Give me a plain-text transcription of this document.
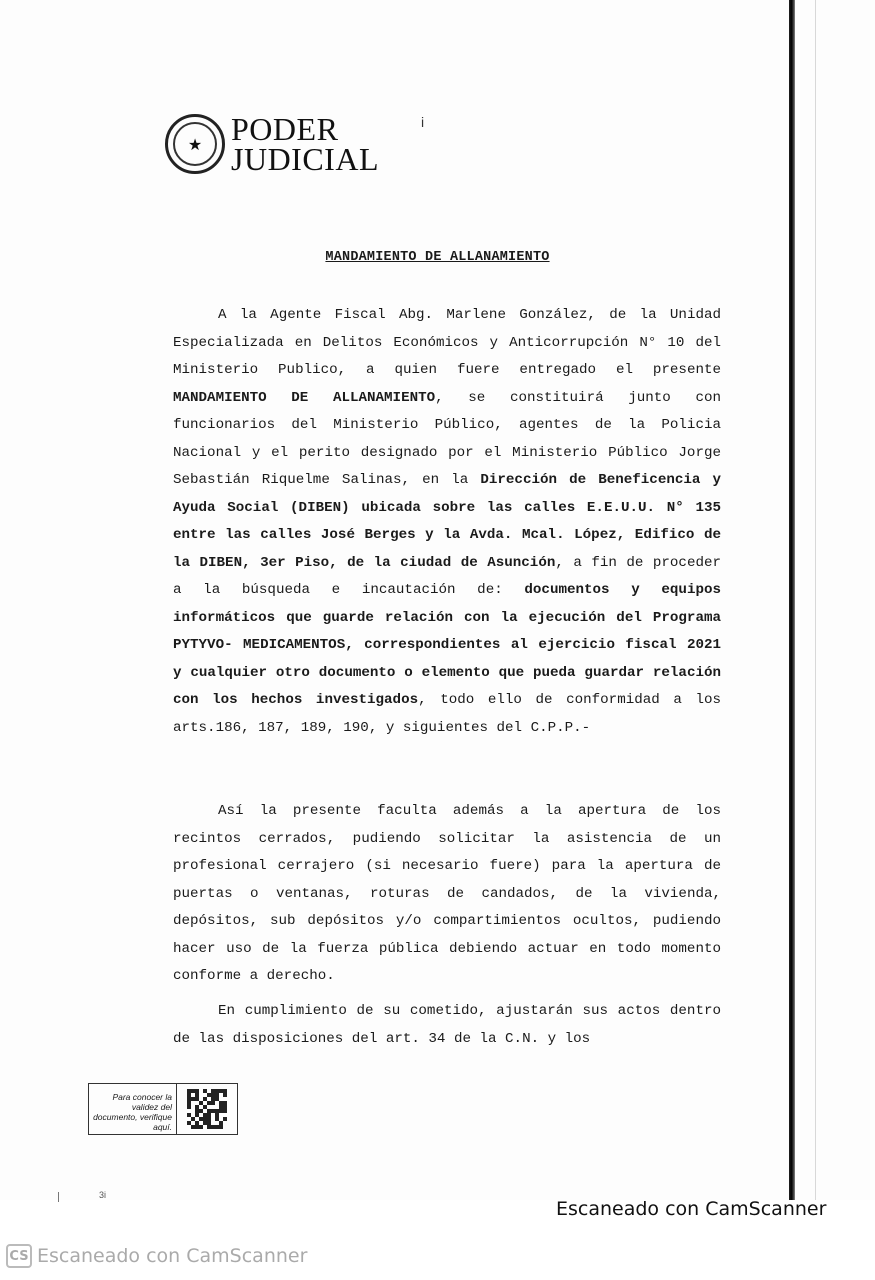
★ PODER
JUDICIAL
i
MANDAMIENTO DE ALLANAMIENTO

A la Agente Fiscal Abg. Marlene González, de la Unidad Especializada en Delitos Económicos y Anticorrupción N° 10 del Ministerio Publico, a quien fuere entregado el presente MANDAMIENTO DE ALLANAMIENTO, se constituirá junto con funcionarios del Ministerio Público, agentes de la Policia Nacional y el perito designado por el Ministerio Público Jorge Sebastián Riquelme Salinas, en la Dirección de Beneficencia y Ayuda Social (DIBEN) ubicada sobre las calles E.E.U.U. N° 135 entre las calles José Berges y la Avda. Mcal. López, Edifico de la DIBEN, 3er Piso, de la ciudad de Asunción, a fin de proceder a la búsqueda e incautación de: documentos y equipos informáticos que guarde relación con la ejecución del Programa PYTYVO- MEDICAMENTOS, correspondientes al ejercicio fiscal 2021 y cualquier otro documento o elemento que pueda guardar relación con los hechos investigados, todo ello de conformidad a los arts.186, 187, 189, 190, y siguientes del C.P.P.-

Así la presente faculta además a la apertura de los recintos cerrados, pudiendo solicitar la asistencia de un profesional cerrajero (si necesario fuere) para la apertura de puertas o ventanas, roturas de candados, de la vivienda, depósitos, sub depósitos y/o compartimientos ocultos, pudiendo hacer uso de la fuerza pública debiendo actuar en todo momento conforme a derecho.

En cumplimiento de su cometido, ajustarán sus actos dentro de las disposiciones del art. 34 de la C.N. y los

Para conocer la validez del documento, verifique aquí.
3i
Escaneado con CamScanner
CS Escaneado con CamScanner
